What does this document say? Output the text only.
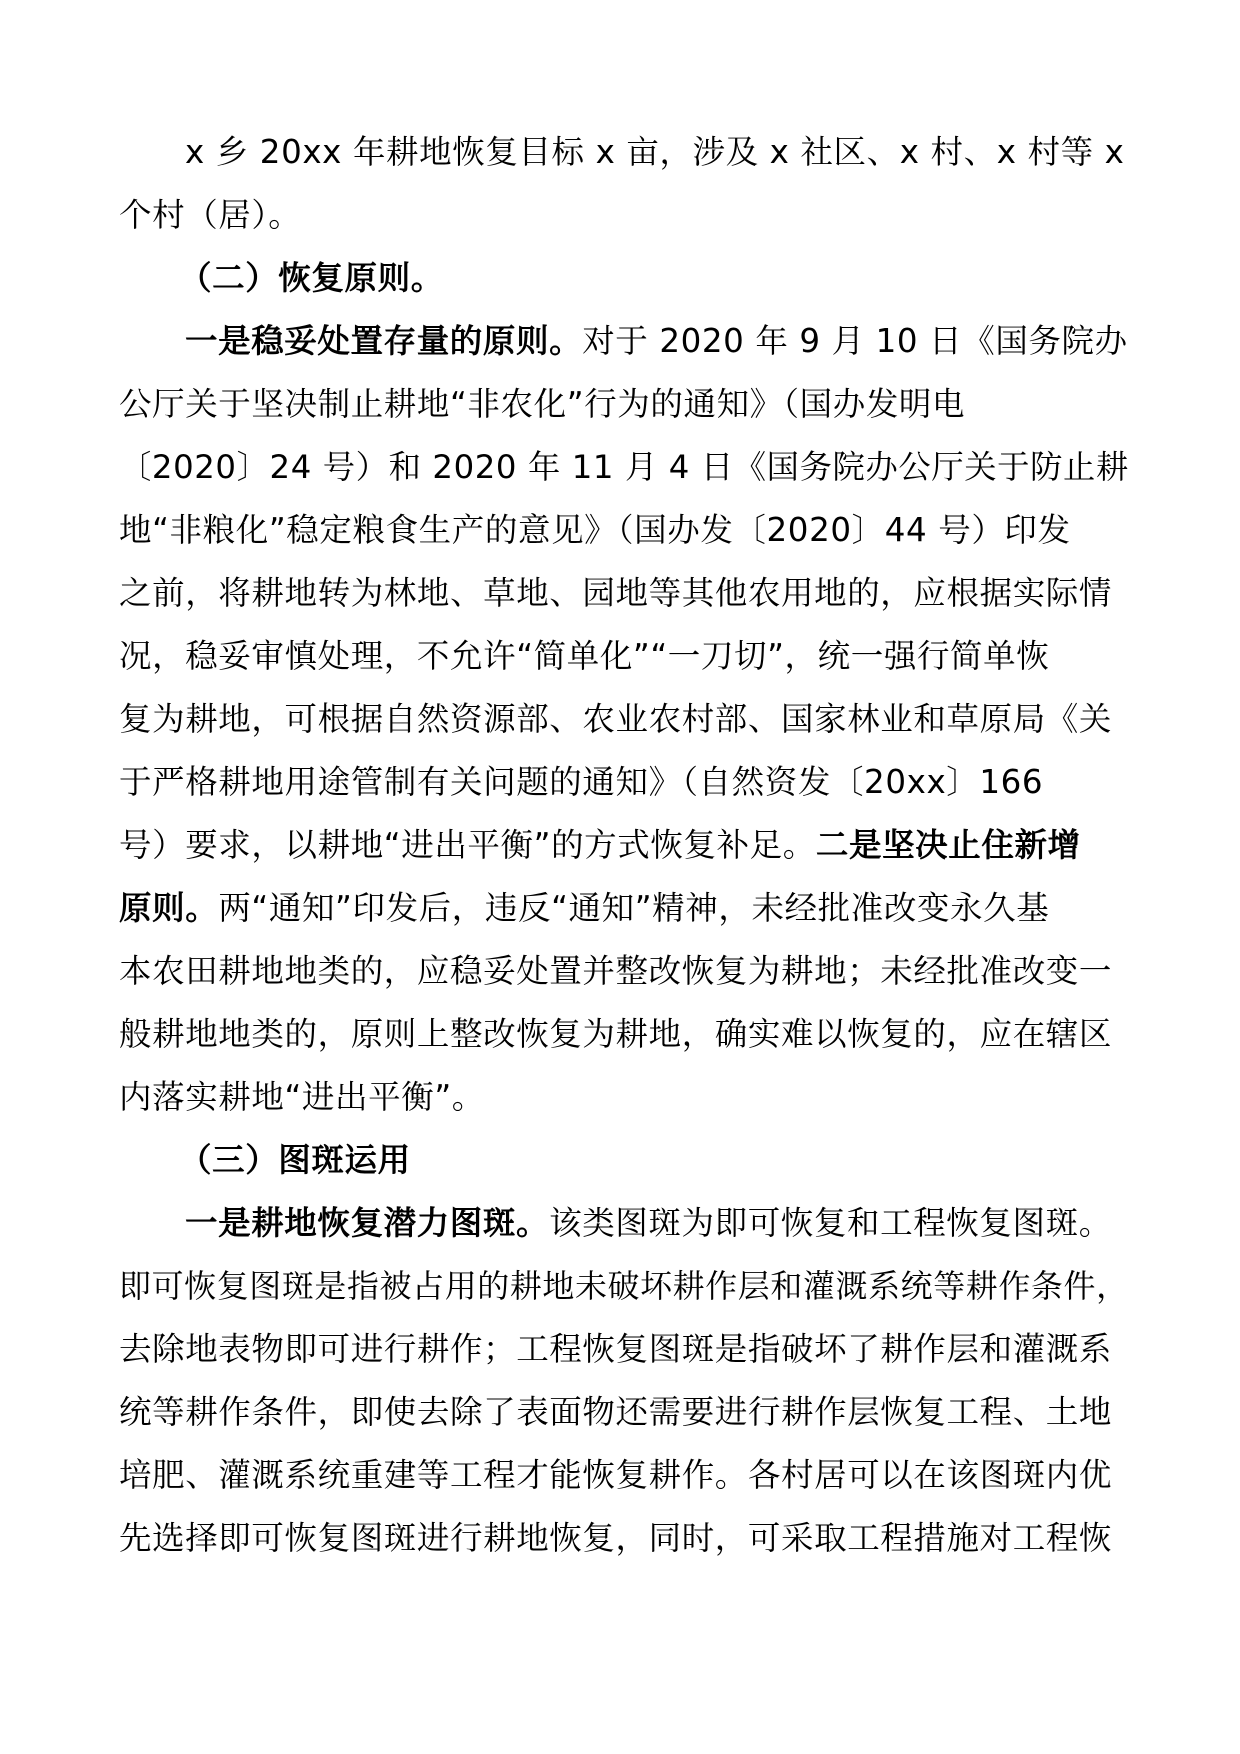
x 乡 20xx 年耕地恢复目标 x 亩，涉及 x 社区、x 村、x 村等 x
个村（居）。
（二）恢复原则。
一是稳妥处置存量的原则。对于 2020 年 9 月 10 日《国务院办
公厅关于坚决制止耕地“非农化”行为的通知》（国办发明电
〔2020〕24 号）和 2020 年 11 月 4 日《国务院办公厅关于防止耕
地“非粮化”稳定粮食生产的意见》（国办发〔2020〕44 号）印发
之前，将耕地转为林地、草地、园地等其他农用地的，应根据实际情
况，稳妥审慎处理，不允许“简单化”“一刀切”，统一强行简单恢
复为耕地，可根据自然资源部、农业农村部、国家林业和草原局《关
于严格耕地用途管制有关问题的通知》（自然资发〔20xx〕166
号）要求，以耕地“进出平衡”的方式恢复补足。二是坚决止住新增
原则。两“通知”印发后，违反“通知”精神，未经批准改变永久基
本农田耕地地类的，应稳妥处置并整改恢复为耕地；未经批准改变一
般耕地地类的，原则上整改恢复为耕地，确实难以恢复的，应在辖区
内落实耕地“进出平衡”。
（三）图斑运用
一是耕地恢复潜力图斑。该类图斑为即可恢复和工程恢复图斑。
即可恢复图斑是指被占用的耕地未破坏耕作层和灌溉系统等耕作条件，
去除地表物即可进行耕作；工程恢复图斑是指破坏了耕作层和灌溉系
统等耕作条件，即使去除了表面物还需要进行耕作层恢复工程、土地
培肥、灌溉系统重建等工程才能恢复耕作。各村居可以在该图斑内优
先选择即可恢复图斑进行耕地恢复，同时，可采取工程措施对工程恢
